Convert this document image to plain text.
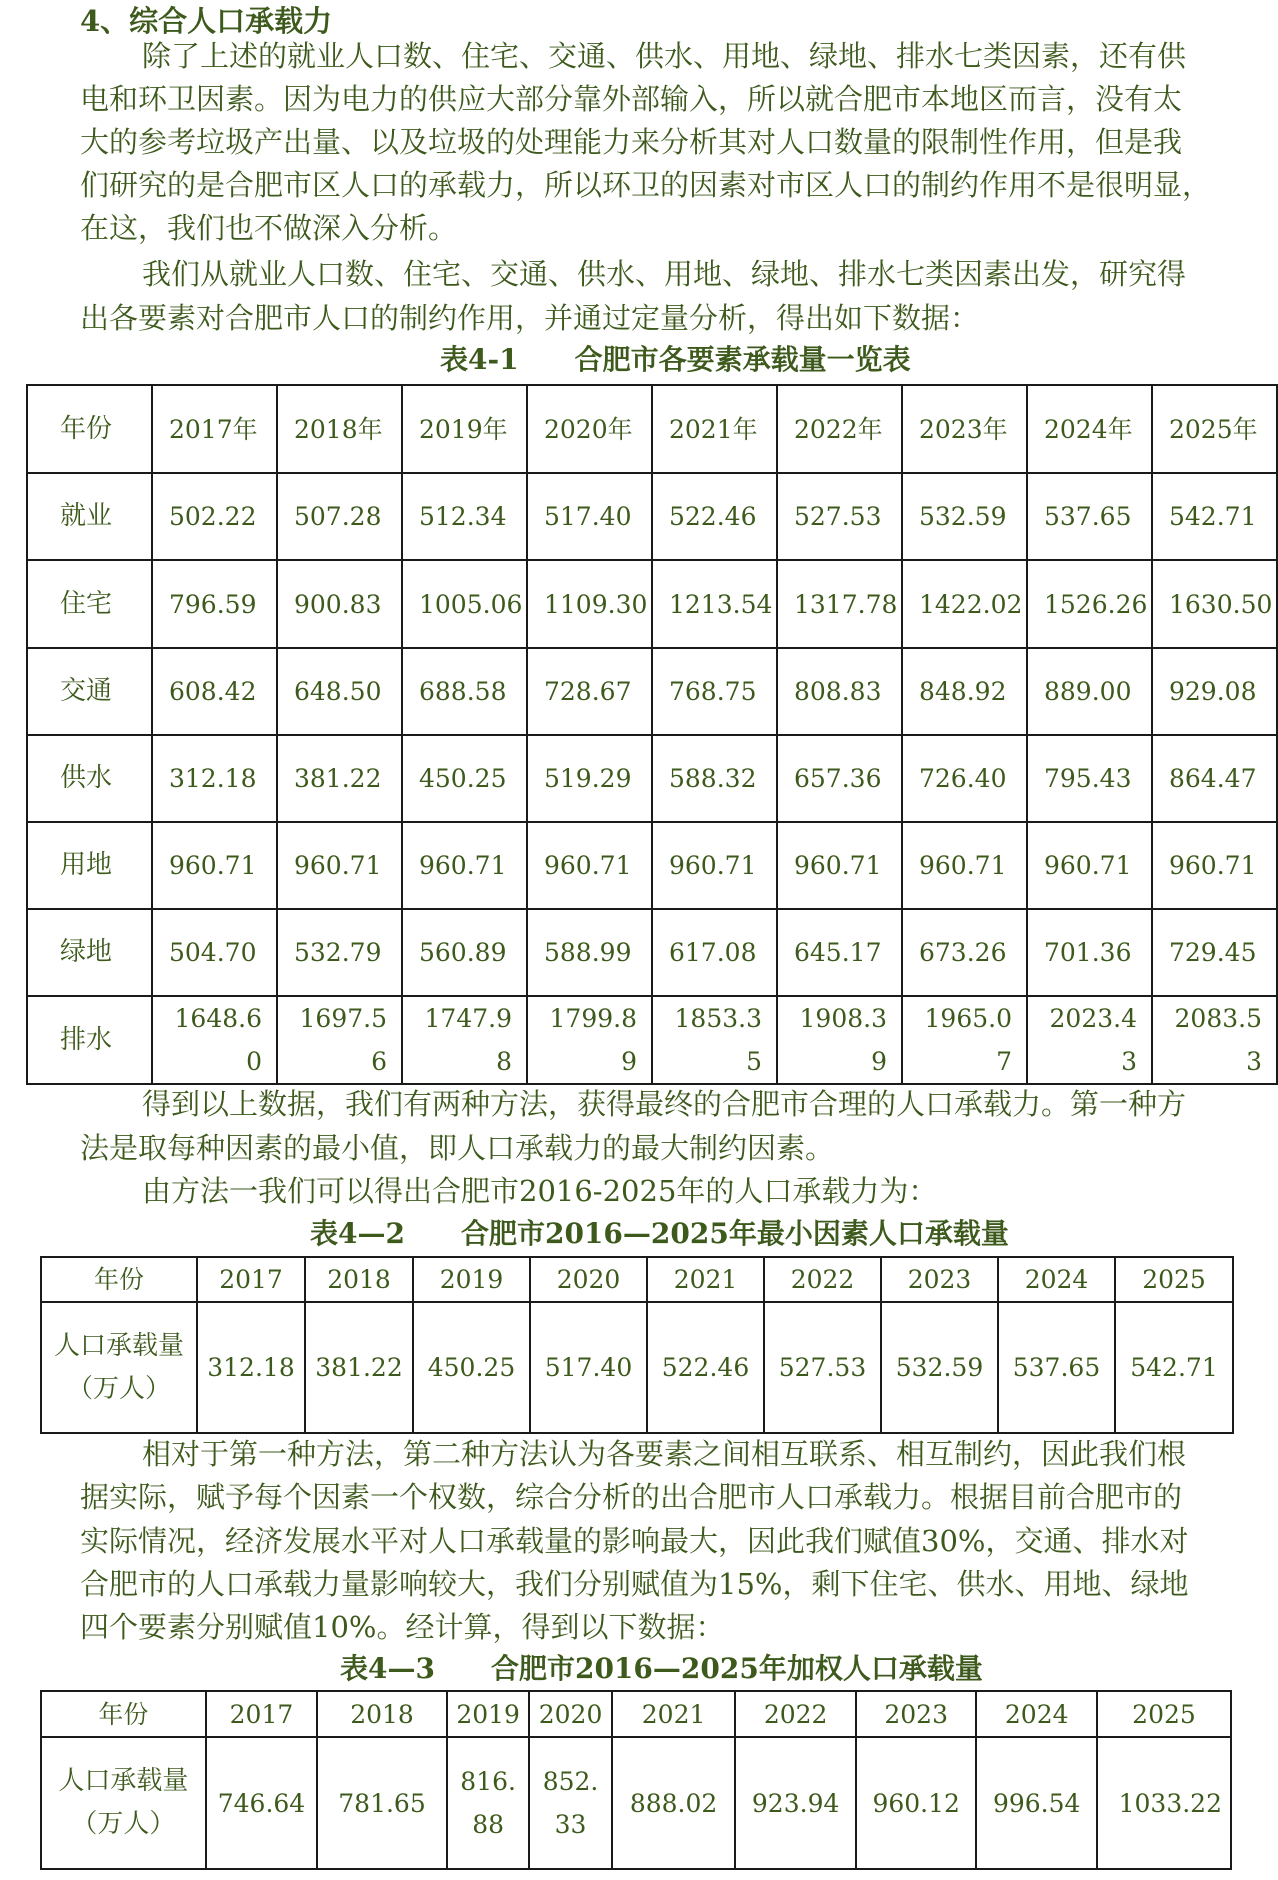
4、综合人口承载力
除了上述的就业人口数、住宅、交通、供水、用地、绿地、排水七类因素，还有供
电和环卫因素。因为电力的供应大部分靠外部输入，所以就合肥市本地区而言，没有太
大的参考垃圾产出量、以及垃圾的处理能力来分析其对人口数量的限制性作用，但是我
们研究的是合肥市区人口的承载力，所以环卫的因素对市区人口的制约作用不是很明显，
在这，我们也不做深入分析。
我们从就业人口数、住宅、交通、供水、用地、绿地、排水七类因素出发，研究得
出各要素对合肥市人口的制约作用，并通过定量分析，得出如下数据：
表4-1　　合肥市各要素承载量一览表
年份	2017年	2018年	2019年	2020年	2021年	2022年	2023年	2024年	2025年
就业	502.22	507.28	512.34	517.40	522.46	527.53	532.59	537.65	542.71
住宅	796.59	900.83	1005.06	1109.30	1213.54	1317.78	1422.02	1526.26	1630.50
交通	608.42	648.50	688.58	728.67	768.75	808.83	848.92	889.00	929.08
供水	312.18	381.22	450.25	519.29	588.32	657.36	726.40	795.43	864.47
用地	960.71	960.71	960.71	960.71	960.71	960.71	960.71	960.71	960.71
绿地	504.70	532.79	560.89	588.99	617.08	645.17	673.26	701.36	729.45
排水	1648.60	1697.56	1747.98	1799.89	1853.35	1908.39	1965.07	2023.43	2083.53
得到以上数据，我们有两种方法，获得最终的合肥市合理的人口承载力。第一种方
法是取每种因素的最小值，即人口承载力的最大制约因素。
由方法一我们可以得出合肥市2016-2025年的人口承载力为：
表4—2　　合肥市2016—2025年最小因素人口承载量
年份	2017	2018	2019	2020	2021	2022	2023	2024	2025
人口承载量（万人）	312.18	381.22	450.25	517.40	522.46	527.53	532.59	537.65	542.71
相对于第一种方法，第二种方法认为各要素之间相互联系、相互制约，因此我们根
据实际，赋予每个因素一个权数，综合分析的出合肥市人口承载力。根据目前合肥市的
实际情况，经济发展水平对人口承载量的影响最大，因此我们赋值30%，交通、排水对
合肥市的人口承载力量影响较大，我们分别赋值为15%，剩下住宅、供水、用地、绿地
四个要素分别赋值10%。经计算，得到以下数据：
表4—3　　合肥市2016—2025年加权人口承载量
年份	2017	2018	2019	2020	2021	2022	2023	2024	2025
人口承载量（万人）	746.64	781.65	816.88	852.33	888.02	923.94	960.12	996.54	1033.22
